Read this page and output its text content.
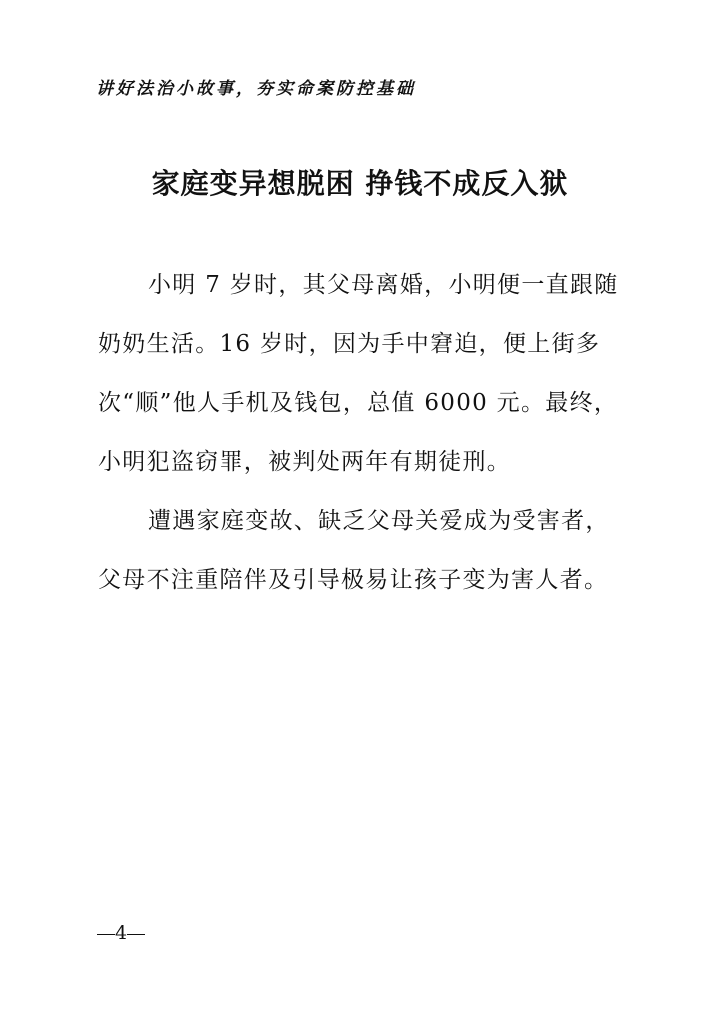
讲好法治小故事，夯实命案防控基础
家庭变异想脱困 挣钱不成反入狱

小明 7 岁时，其父母离婚，小明便一直跟随奶奶生活。16 岁时，因为手中窘迫，便上街多次“顺”他人手机及钱包，总值 6000 元。最终，小明犯盗窃罪，被判处两年有期徒刑。

遭遇家庭变故、缺乏父母关爱成为受害者，父母不注重陪伴及引导极易让孩子变为害人者。

4
